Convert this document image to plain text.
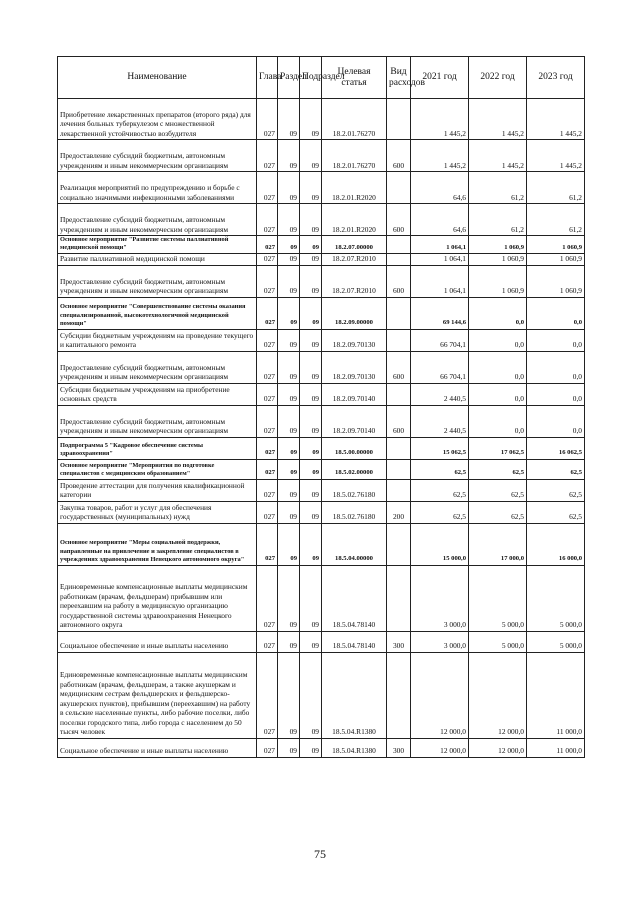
Наименование	Глава	Раздел	Подраздел	Целевая статья	Вид расходов	2021 год	2022 год	2023 год
Приобретение лекарственных препаратов (второго ряда) для лечения больных туберкулезом с множественной лекарственной устойчивостью возбудителя	027	09	09	18.2.01.76270		1 445,2	1 445,2	1 445,2
Предоставление субсидий бюджетным, автономным учреждениям и иным некоммерческим организациям	027	09	09	18.2.01.76270	600	1 445,2	1 445,2	1 445,2
Реализация мероприятий по предупреждению и борьбе с социально значимыми инфекционными заболеваниями	027	09	09	18.2.01.R2020		64,6	61,2	61,2
Предоставление субсидий бюджетным, автономным учреждениям и иным некоммерческим организациям	027	09	09	18.2.01.R2020	600	64,6	61,2	61,2
Основное мероприятие "Развитие системы паллиативной медицинской помощи"	027	09	09	18.2.07.00000		1 064,1	1 060,9	1 060,9
Развитие паллиативной медицинской помощи	027	09	09	18.2.07.R2010		1 064,1	1 060,9	1 060,9
Предоставление субсидий бюджетным, автономным учреждениям и иным некоммерческим организациям	027	09	09	18.2.07.R2010	600	1 064,1	1 060,9	1 060,9
Основное мероприятие "Совершенствование системы оказания специализированной, высокотехнологичной медицинской помощи"	027	09	09	18.2.09.00000		69 144,6	0,0	0,0
Субсидии бюджетным учреждениям на проведение текущего и капитального ремонта	027	09	09	18.2.09.70130		66 704,1	0,0	0,0
Предоставление субсидий бюджетным, автономным учреждениям и иным некоммерческим организациям	027	09	09	18.2.09.70130	600	66 704,1	0,0	0,0
Субсидии бюджетным учреждениям на приобретение основных средств	027	09	09	18.2.09.70140		2 440,5	0,0	0,0
Предоставление субсидий бюджетным, автономным учреждениям и иным некоммерческим организациям	027	09	09	18.2.09.70140	600	2 440,5	0,0	0,0
Подпрограмма 5 "Кадровое обеспечение системы здравоохранения"	027	09	09	18.5.00.00000		15 062,5	17 062,5	16 062,5
Основное мероприятие "Мероприятия по подготовке специалистов с медицинским образованием"	027	09	09	18.5.02.00000		62,5	62,5	62,5
Проведение аттестации для получения квалификационной категории	027	09	09	18.5.02.76180		62,5	62,5	62,5
Закупка товаров, работ и услуг для обеспечения государственных (муниципальных) нужд	027	09	09	18.5.02.76180	200	62,5	62,5	62,5
Основное мероприятие "Меры социальной поддержки, направленные на привлечение и закрепление специалистов в учреждениях здравоохранения Ненецкого автономного округа"	027	09	09	18.5.04.00000		15 000,0	17 000,0	16 000,0
Единовременные компенсационные выплаты медицинским работникам (врачам, фельдшерам) прибывшим или переехавшим на работу в медицинскую организацию государственной системы здравоохранения Ненецкого автономного округа	027	09	09	18.5.04.78140		3 000,0	5 000,0	5 000,0
Социальное обеспечение и иные выплаты населению	027	09	09	18.5.04.78140	300	3 000,0	5 000,0	5 000,0
Единовременные компенсационные выплаты медицинским работникам (врачам, фельдшерам, а также акушеркам и медицинским сестрам фельдшерских и фельдшерско-акушерских пунктов), прибывшим (переехавшим) на работу в сельские населенные пункты, либо рабочие поселки, либо поселки городского типа, либо города с населением до 50 тысяч человек	027	09	09	18.5.04.R1380		12 000,0	12 000,0	11 000,0
Социальное обеспечение и иные выплаты населению	027	09	09	18.5.04.R1380	300	12 000,0	12 000,0	11 000,0
75
